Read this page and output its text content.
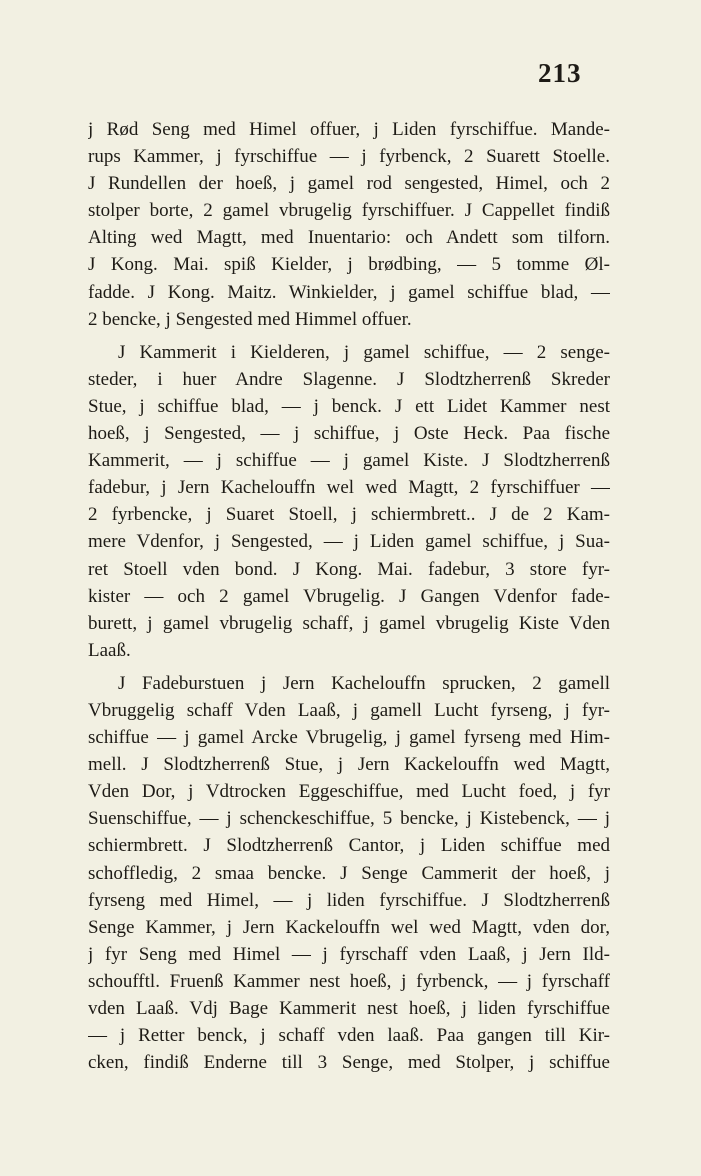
213
j Rød Seng med Himel offuer, j Liden fyrschiffue. Mande-
rups Kammer, j fyrschiffue — j fyrbenck, 2 Suarett Stoelle.
J Rundellen der hoeß, j gamel rod sengested, Himel, och 2
stolper borte, 2 gamel vbrugelig fyrschiffuer. J Cappellet findiß
Alting wed Magtt, med Inuentario: och Andett som tilforn.
J Kong. Mai. spiß Kielder, j brødbing, — 5 tomme Øl-
fadde. J Kong. Maitz. Winkielder, j gamel schiffue blad, —
2 bencke, j Sengested med Himmel offuer.
J Kammerit i Kielderen, j gamel schiffue, — 2 senge-
steder, i huer Andre Slagenne. J Slodtzherrenß Skreder
Stue, j schiffue blad, — j benck. J ett Lidet Kammer nest
hoeß, j Sengested, — j schiffue, j Oste Heck. Paa fische
Kammerit, — j schiffue — j gamel Kiste. J Slodtzherrenß
fadebur, j Jern Kachelouffn wel wed Magtt, 2 fyrschiffuer —
2 fyrbencke, j Suaret Stoell, j schiermbrett.. J de 2 Kam-
mere Vdenfor, j Sengested, — j Liden gamel schiffue, j Sua-
ret Stoell vden bond. J Kong. Mai. fadebur, 3 store fyr-
kister — och 2 gamel Vbrugelig. J Gangen Vdenfor fade-
burett, j gamel vbrugelig schaff, j gamel vbrugelig Kiste Vden
Laaß.
J Fadeburstuen j Jern Kachelouffn sprucken, 2 gamell
Vbruggelig schaff Vden Laaß, j gamell Lucht fyrseng, j fyr-
schiffue — j gamel Arcke Vbrugelig, j gamel fyrseng med Him-
mell. J Slodtzherrenß Stue, j Jern Kackelouffn wed Magtt,
Vden Dor, j Vdtrocken Eggeschiffue, med Lucht foed, j fyr
Suenschiffue, — j schenckeschiffue, 5 bencke, j Kistebenck, — j
schiermbrett. J Slodtzherrenß Cantor, j Liden schiffue med
schoffledig, 2 smaa bencke. J Senge Cammerit der hoeß, j
fyrseng med Himel, — j liden fyrschiffue. J Slodtzherrenß
Senge Kammer, j Jern Kackelouffn wel wed Magtt, vden dor,
j fyr Seng med Himel — j fyrschaff vden Laaß, j Jern Ild-
schoufftl. Fruenß Kammer nest hoeß, j fyrbenck, — j fyrschaff
vden Laaß. Vdj Bage Kammerit nest hoeß, j liden fyrschiffue
— j Retter benck, j schaff vden laaß. Paa gangen till Kir-
cken, findiß Enderne till 3 Senge, med Stolper, j schiffue
